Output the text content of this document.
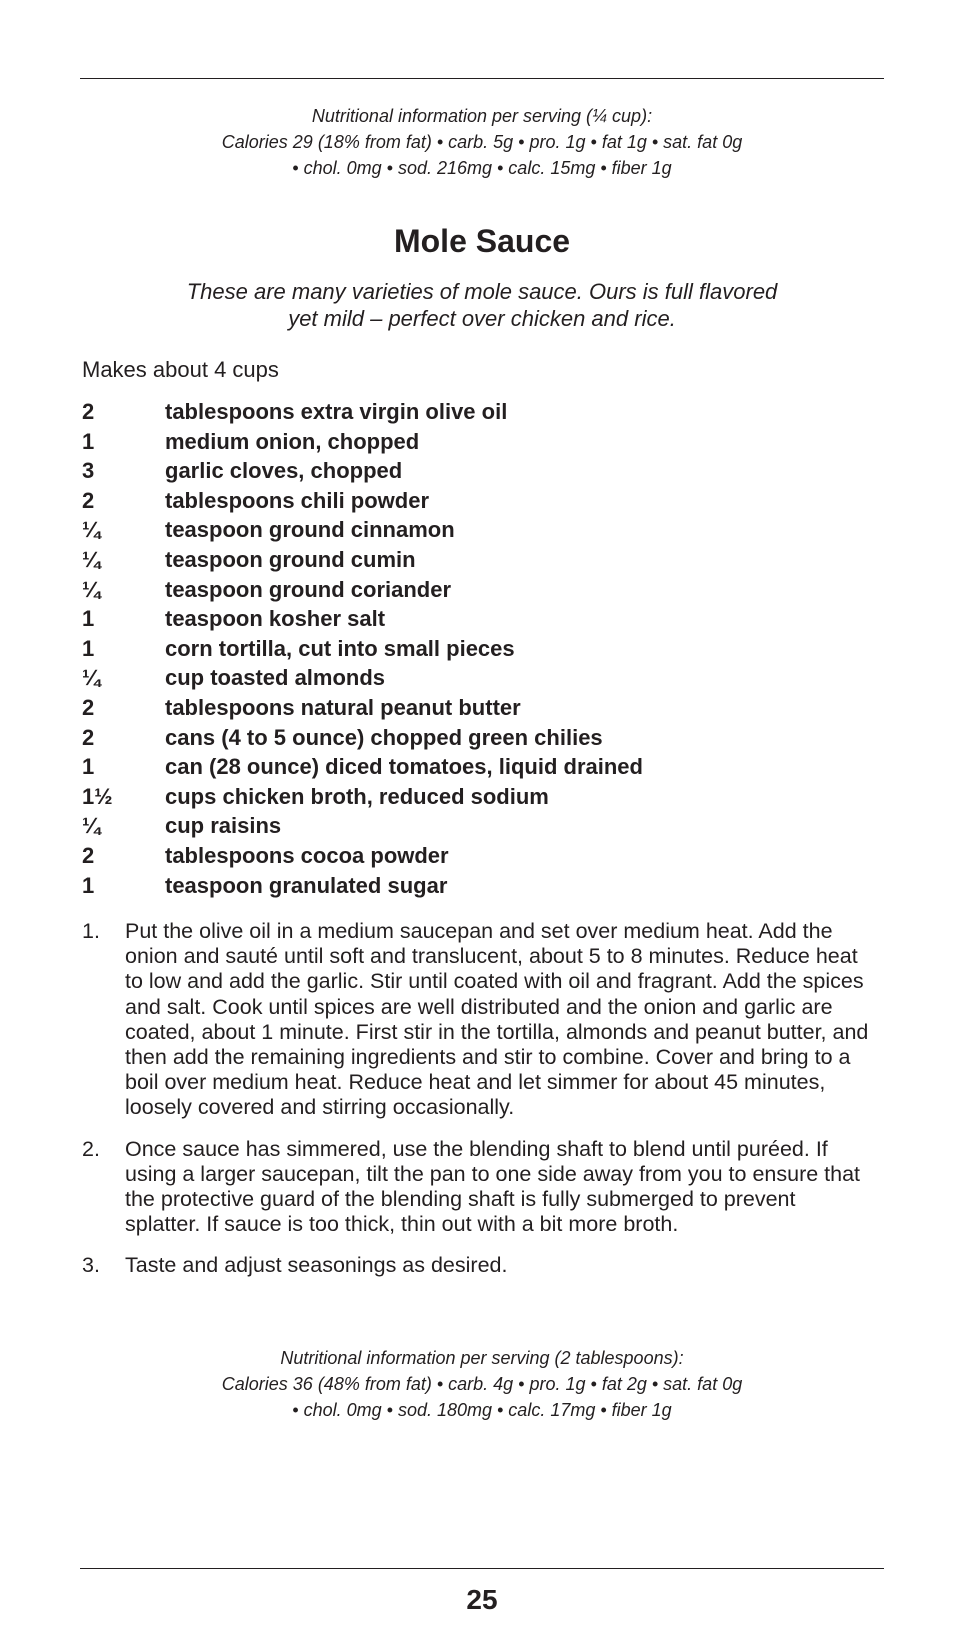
Nutritional information per serving (¼ cup):
Calories 29 (18% from fat) • carb. 5g • pro. 1g • fat 1g • sat. fat 0g
• chol. 0mg • sod. 216mg • calc. 15mg • fiber 1g
Mole Sauce
These are many varieties of mole sauce. Ours is full flavored
yet mild – perfect over chicken and rice.
Makes about 4 cups
2	tablespoons extra virgin olive oil
1	medium onion, chopped
3	garlic cloves, chopped
2	tablespoons chili powder
¼	teaspoon ground cinnamon
¼	teaspoon ground cumin
¼	teaspoon ground coriander
1	teaspoon kosher salt
1	corn tortilla, cut into small pieces
¼	cup toasted almonds
2	tablespoons natural peanut butter
2	cans (4 to 5 ounce) chopped green chilies
1	can (28 ounce) diced tomatoes, liquid drained
1½ cups chicken broth, reduced sodium
¼	cup raisins
2	tablespoons cocoa powder
1	teaspoon granulated sugar
1. Put the olive oil in a medium saucepan and set over medium heat. Add the onion and sauté until soft and translucent, about 5 to 8 minutes. Reduce heat to low and add the garlic. Stir until coated with oil and fragrant. Add the spices and salt. Cook until spices are well distributed and the onion and garlic are coated, about 1 minute. First stir in the tortilla, almonds and peanut butter, and then add the remaining ingredients and stir to combine. Cover and bring to a boil over medium heat. Reduce heat and let simmer for about 45 minutes, loosely covered and stirring occasionally.
2. Once sauce has simmered, use the blending shaft to blend until puréed. If using a larger saucepan, tilt the pan to one side away from you to ensure that the protective guard of the blending shaft is fully submerged to prevent splatter. If sauce is too thick, thin out with a bit more broth.
3. Taste and adjust seasonings as desired.
Nutritional information per serving (2 tablespoons):
Calories 36 (48% from fat) • carb. 4g • pro. 1g • fat 2g • sat. fat 0g
• chol. 0mg • sod. 180mg • calc. 17mg • fiber 1g
25
